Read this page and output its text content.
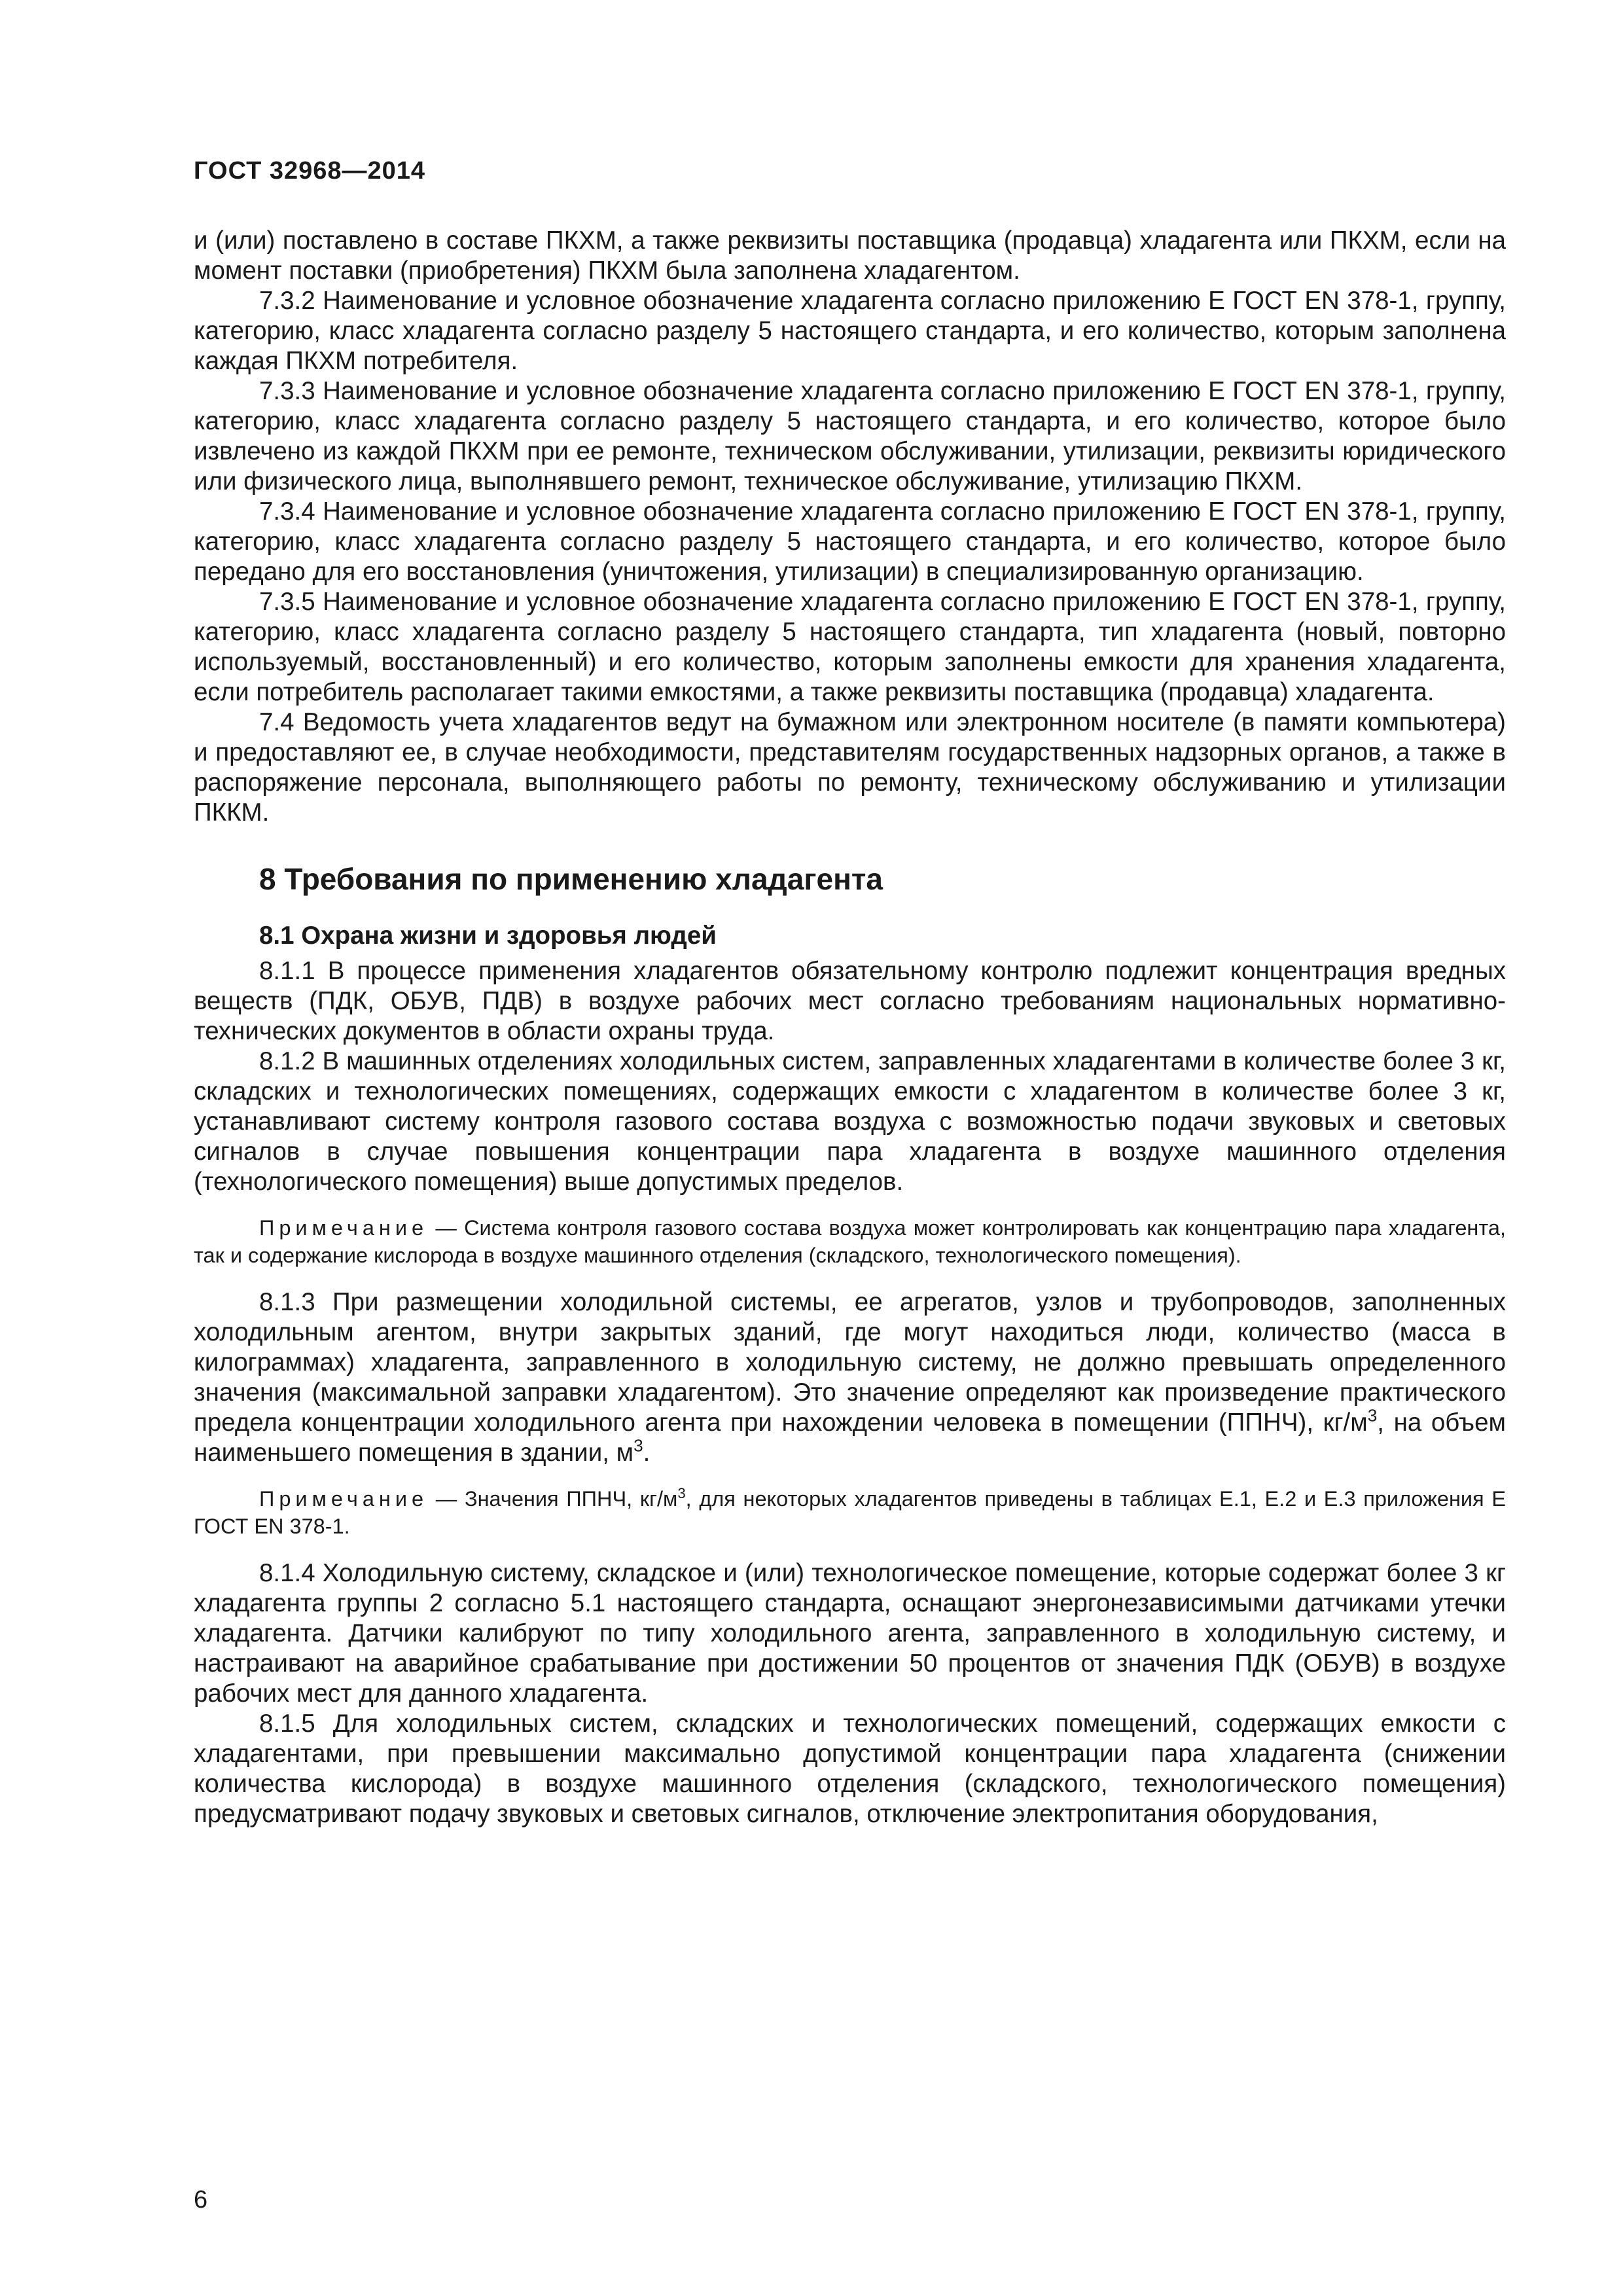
ГОСТ 32968—2014

и (или) поставлено в составе ПКХМ, а также реквизиты поставщика (продавца) хладагента или ПКХМ, если на момент поставки (приобретения) ПКХМ была заполнена хладагентом.

7.3.2 Наименование и условное обозначение хладагента согласно приложению Е ГОСТ EN 378-1, группу, категорию, класс хладагента согласно разделу 5 настоящего стандарта, и его количество, которым заполнена каждая ПКХМ потребителя.

7.3.3 Наименование и условное обозначение хладагента согласно приложению Е ГОСТ EN 378-1, группу, категорию, класс хладагента согласно разделу 5 настоящего стандарта, и его количество, которое было извлечено из каждой ПКХМ при ее ремонте, техническом обслуживании, утилизации, реквизиты юридического или физического лица, выполнявшего ремонт, техническое обслуживание, утилизацию ПКХМ.

7.3.4 Наименование и условное обозначение хладагента согласно приложению Е ГОСТ EN 378-1, группу, категорию, класс хладагента согласно разделу 5 настоящего стандарта, и его количество, которое было передано для его восстановления (уничтожения, утилизации) в специализированную организацию.

7.3.5 Наименование и условное обозначение хладагента согласно приложению Е ГОСТ EN 378-1, группу, категорию, класс хладагента согласно разделу 5 настоящего стандарта, тип хладагента (новый, повторно используемый, восстановленный) и его количество, которым заполнены емкости для хранения хладагента, если потребитель располагает такими емкостями, а также реквизиты поставщика (продавца) хладагента.

7.4 Ведомость учета хладагентов ведут на бумажном или электронном носителе (в памяти компьютера) и предоставляют ее, в случае необходимости, представителям государственных надзорных органов, а также в распоряжение персонала, выполняющего работы по ремонту, техническому обслуживанию и утилизации ПККМ.

8 Требования по применению хладагента
8.1 Охрана жизни и здоровья людей

8.1.1 В процессе применения хладагентов обязательному контролю подлежит концентрация вредных веществ (ПДК, ОБУВ, ПДВ) в воздухе рабочих мест согласно требованиям национальных нормативно-технических документов в области охраны труда.

8.1.2 В машинных отделениях холодильных систем, заправленных хладагентами в количестве более 3 кг, складских и технологических помещениях, содержащих емкости с хладагентом в количестве более 3 кг, устанавливают систему контроля газового состава воздуха с возможностью подачи звуковых и световых сигналов в случае повышения концентрации пара хладагента в воздухе машинного отделения (технологического помещения) выше допустимых пределов.

Примечание — Система контроля газового состава воздуха может контролировать как концентрацию пара хладагента, так и содержание кислорода в воздухе машинного отделения (складского, технологического помещения).

8.1.3 При размещении холодильной системы, ее агрегатов, узлов и трубопроводов, заполненных холодильным агентом, внутри закрытых зданий, где могут находиться люди, количество (масса в килограммах) хладагента, заправленного в холодильную систему, не должно превышать определенного значения (максимальной заправки хладагентом). Это значение определяют как произведение практического предела концентрации холодильного агента при нахождении человека в помещении (ППНЧ), $кг/м^3$, на объем наименьшего помещения в здании, $м^3$.

Примечание — Значения ППНЧ, $кг/м^3$, для некоторых хладагентов приведены в таблицах Е.1, Е.2 и Е.3 приложения Е ГОСТ EN 378-1.

8.1.4 Холодильную систему, складское и (или) технологическое помещение, которые содержат более 3 кг хладагента группы 2 согласно 5.1 настоящего стандарта, оснащают энергонезависимыми датчиками утечки хладагента. Датчики калибруют по типу холодильного агента, заправленного в холодильную систему, и настраивают на аварийное срабатывание при достижении 50 процентов от значения ПДК (ОБУВ) в воздухе рабочих мест для данного хладагента.

8.1.5 Для холодильных систем, складских и технологических помещений, содержащих емкости с хладагентами, при превышении максимально допустимой концентрации пара хладагента (снижении количества кислорода) в воздухе машинного отделения (складского, технологического помещения) предусматривают подачу звуковых и световых сигналов, отключение электропитания оборудования,

6
